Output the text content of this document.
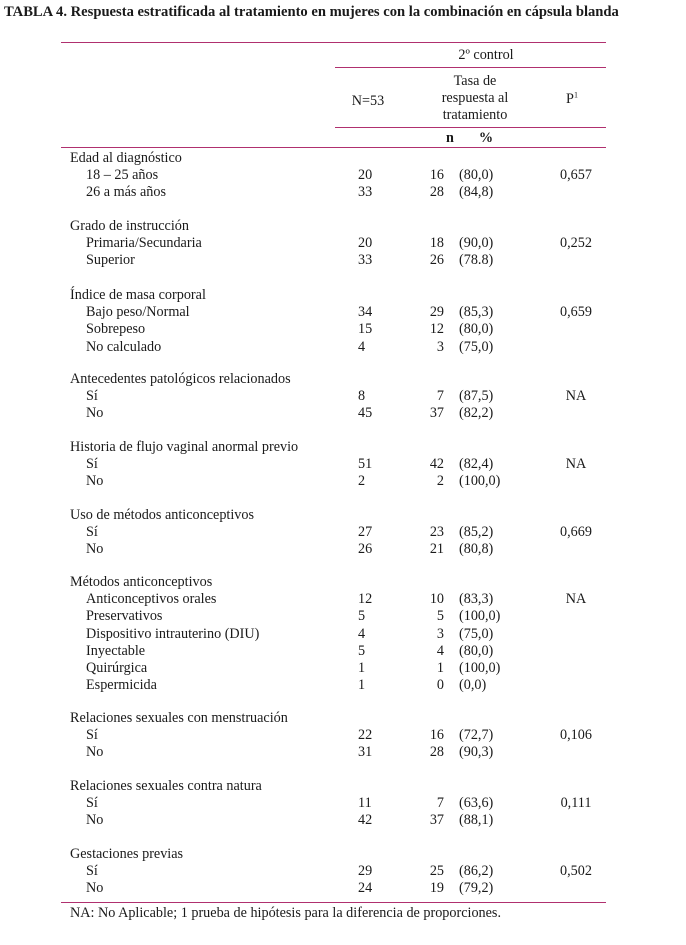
TABLA 4. Respuesta estratificada al tratamiento en mujeres con la combinación en cápsula blanda
2º control
N=53
Tasa de
respuesta al
tratamiento
$P^1$
n	%
Edad al diagnóstico
18 – 25 años	20	16 (80,0)	0,657
26 a más años	33	28 (84,8)
Grado de instrucción
Primaria/Secundaria	20	18 (90,0)	0,252
Superior	33	26 (78.8)
Índice de masa corporal
Bajo peso/Normal	34	29 (85,3)	0,659
Sobrepeso	15	12 (80,0)
No calculado	4	3 (75,0)
Antecedentes patológicos relacionados
Sí	8	7 (87,5)	NA
No	45	37 (82,2)
Historia de flujo vaginal anormal previo
Sí	51	42 (82,4)	NA
No	2	2 (100,0)
Uso de métodos anticonceptivos
Sí	27	23 (85,2)	0,669
No	26	21 (80,8)
Métodos anticonceptivos
Anticonceptivos orales	12	10 (83,3)	NA
Preservativos	5	5 (100,0)
Dispositivo intrauterino (DIU)	4	3 (75,0)
Inyectable	5	4 (80,0)
Quirúrgica	1	1 (100,0)
Espermicida	1	0 (0,0)
Relaciones sexuales con menstruación
Sí	22	16 (72,7)	0,106
No	31	28 (90,3)
Relaciones sexuales contra natura
Sí	11	7 (63,6)	0,111
No	42	37 (88,1)
Gestaciones previas
Sí	29	25 (86,2)	0,502
No	24	19 (79,2)
NA: No Aplicable; 1 prueba de hipótesis para la diferencia de proporciones.
